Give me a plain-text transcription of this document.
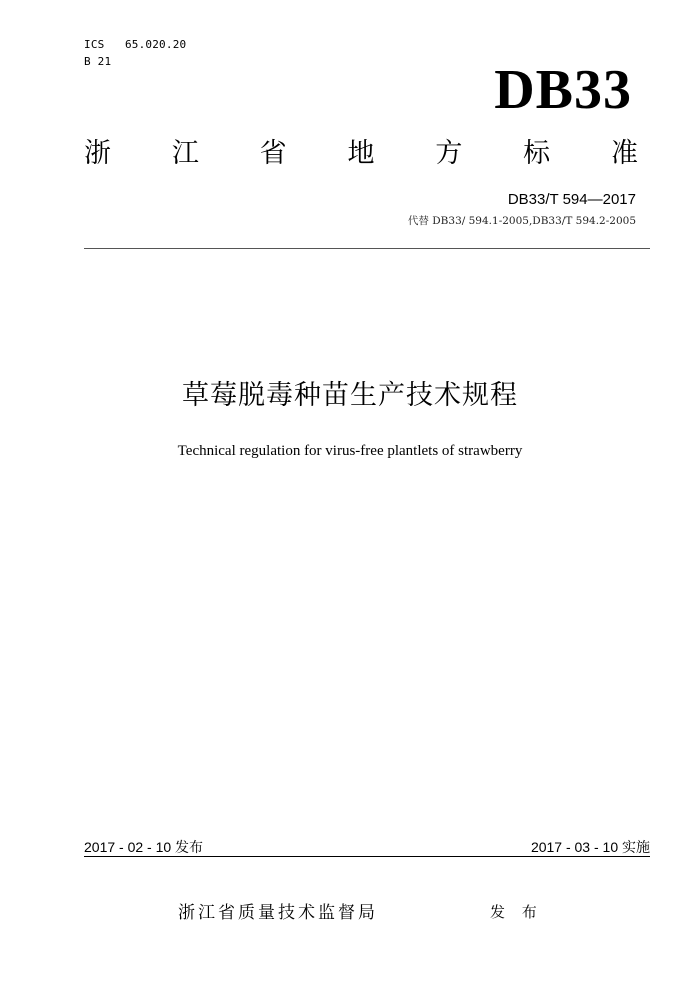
ICS 65.020.20
B 21	DB33
浙 江 省 地 方 标 准
DB33/T 594—2017
代替 DB33/ 594.1-2005,DB33/T 594.2-2005
草莓脱毒种苗生产技术规程
Technical regulation for virus-free plantlets of strawberry
2017 - 02 - 10 发布	2017 - 03 - 10 实施
浙江省质量技术监督局	发 布
